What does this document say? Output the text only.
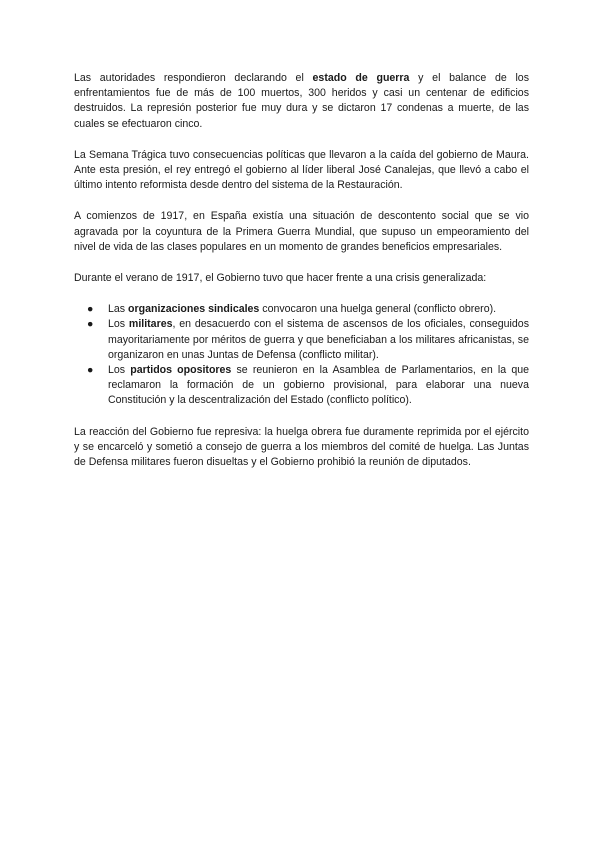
Las autoridades respondieron declarando el estado de guerra y el balance de los enfrentamientos fue de más de 100 muertos, 300 heridos y casi un centenar de edificios destruidos. La represión posterior fue muy dura y se dictaron 17 condenas a muerte, de las cuales se efectuaron cinco.

La Semana Trágica tuvo consecuencias políticas que llevaron a la caída del gobierno de Maura. Ante esta presión, el rey entregó el gobierno al líder liberal José Canalejas, que llevó a cabo el último intento reformista desde dentro del sistema de la Restauración.

A comienzos de 1917, en España existía una situación de descontento social que se vio agravada por la coyuntura de la Primera Guerra Mundial, que supuso un empeoramiento del nivel de vida de las clases populares en un momento de grandes beneficios empresariales.

Durante el verano de 1917, el Gobierno tuvo que hacer frente a una crisis generalizada:

● Las organizaciones sindicales convocaron una huelga general (conflicto obrero).
● Los militares, en desacuerdo con el sistema de ascensos de los oficiales, conseguidos mayoritariamente por méritos de guerra y que beneficiaban a los militares africanistas, se organizaron en unas Juntas de Defensa (conflicto militar).
● Los partidos opositores se reunieron en la Asamblea de Parlamentarios, en la que reclamaron la formación de un gobierno provisional, para elaborar una nueva Constitución y la descentralización del Estado (conflicto político).

La reacción del Gobierno fue represiva: la huelga obrera fue duramente reprimida por el ejército y se encarceló y sometió a consejo de guerra a los miembros del comité de huelga. Las Juntas de Defensa militares fueron disueltas y el Gobierno prohibió la reunión de diputados.
